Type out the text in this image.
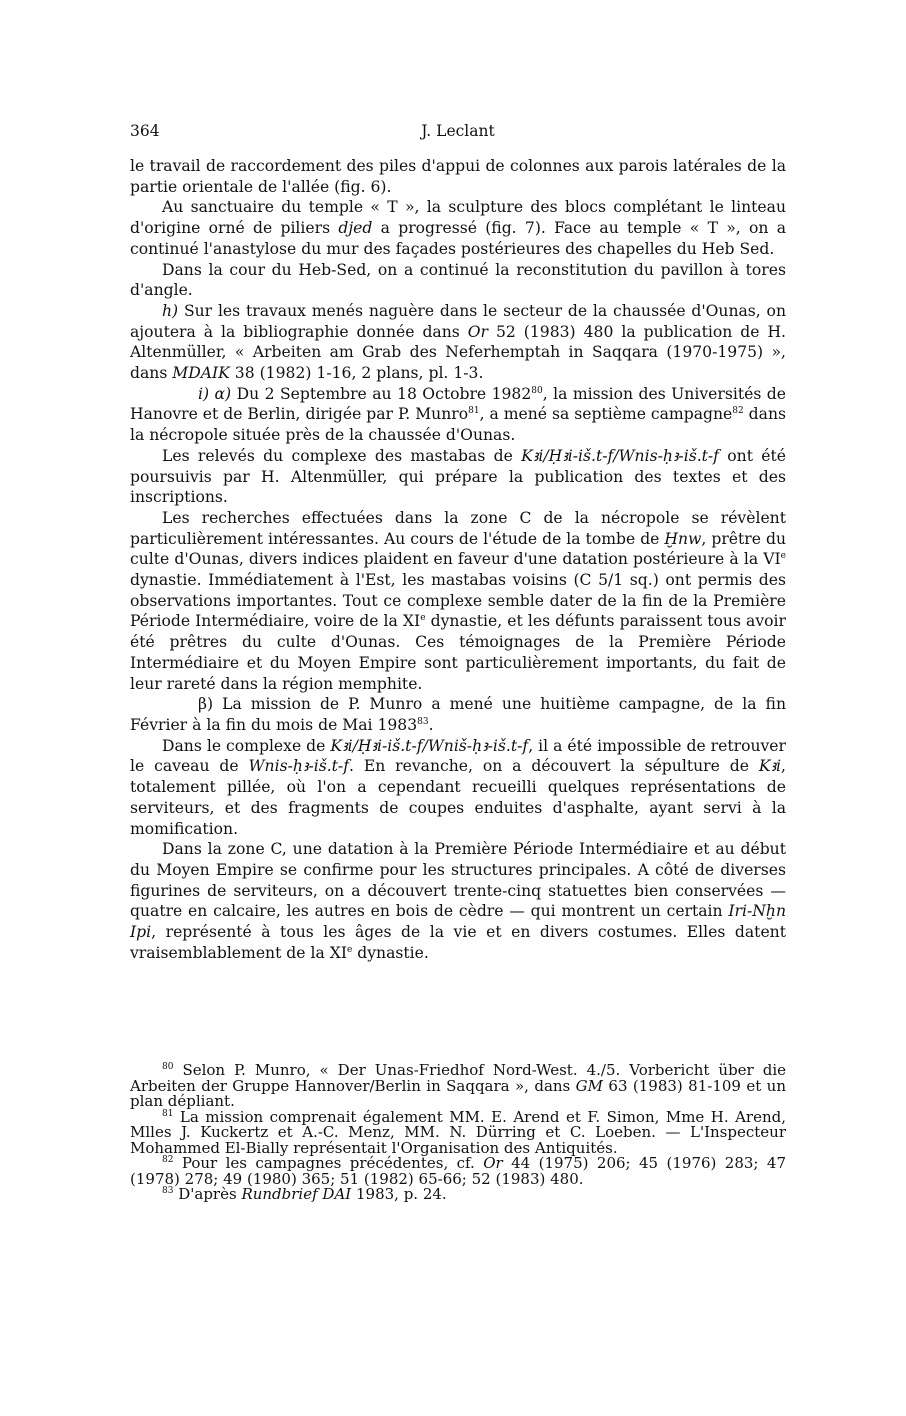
364	J. Leclant

le travail de raccordement des piles d'appui de colonnes aux parois latérales de la partie orientale de l'allée (fig. 6).

Au sanctuaire du temple « T », la sculpture des blocs complétant le linteau d'origine orné de piliers djed a progressé (fig. 7). Face au temple « T », on a continué l'anastylose du mur des façades postérieures des chapelles du Heb Sed.

Dans la cour du Heb-Sed, on a continué la reconstitution du pavillon à tores d'angle.

h) Sur les travaux menés naguère dans le secteur de la chaussée d'Ounas, on ajoutera à la bibliographie donnée dans Or 52 (1983) 480 la publication de H. Altenmüller, « Arbeiten am Grab des Neferhemptah in Saqqara (1970-1975) », dans MDAIK 38 (1982) 1-16, 2 plans, pl. 1-3.

i) α) Du 2 Septembre au 18 Octobre 1982$^{80}$, la mission des Universités de Hanovre et de Berlin, dirigée par P. Munro$^{81}$, a mené sa septième campagne$^{82}$ dans la nécropole située près de la chaussée d'Ounas.

Les relevés du complexe des mastabas de Kꜣi/Ḥꜣi-iš.t-f/Wnis-ḥꜣ-iš.t-f ont été poursuivis par H. Altenmüller, qui prépare la publication des textes et des inscriptions.

Les recherches effectuées dans la zone C de la nécropole se révèlent particulièrement intéressantes. Au cours de l'étude de la tombe de Ḫnw, prêtre du culte d'Ounas, divers indices plaident en faveur d'une datation postérieure à la VIe dynastie. Immédiatement à l'Est, les mastabas voisins (C 5/1 sq.) ont permis des observations importantes. Tout ce complexe semble dater de la fin de la Première Période Intermédiaire, voire de la XIe dynastie, et les défunts paraissent tous avoir été prêtres du culte d'Ounas. Ces témoignages de la Première Période Intermédiaire et du Moyen Empire sont particulièrement importants, du fait de leur rareté dans la région memphite.

β) La mission de P. Munro a mené une huitième campagne, de la fin Février à la fin du mois de Mai 1983$^{83}$.

Dans le complexe de Kꜣi/Ḥꜣi-iš.t-f/Wniš-ḥꜣ-iš.t-f, il a été impossible de retrouver le caveau de Wnis-ḥꜣ-iš.t-f. En revanche, on a découvert la sépulture de Kꜣi, totalement pillée, où l'on a cependant recueilli quelques représentations de serviteurs, et des fragments de coupes enduites d'asphalte, ayant servi à la momification.

Dans la zone C, une datation à la Première Période Intermédiaire et au début du Moyen Empire se confirme pour les structures principales. A côté de diverses figurines de serviteurs, on a découvert trente-cinq statuettes bien conservées — quatre en calcaire, les autres en bois de cèdre — qui montrent un certain Iri-Nḫn Ipi, représenté à tous les âges de la vie et en divers costumes. Elles datent vraisemblablement de la XIe dynastie.

$^{80}$ Selon P. Munro, « Der Unas-Friedhof Nord-West. 4./5. Vorbericht über die Arbeiten der Gruppe Hannover/Berlin in Saqqara », dans GM 63 (1983) 81-109 et un plan dépliant.

$^{81}$ La mission comprenait également MM. E. Arend et F. Simon, Mme H. Arend, Mlles J. Kuckertz et A.-C. Menz, MM. N. Dürring et C. Loeben. — L'Inspecteur Mohammed El-Bially représentait l'Organisation des Antiquités.

$^{82}$ Pour les campagnes précédentes, cf. Or 44 (1975) 206; 45 (1976) 283; 47 (1978) 278; 49 (1980) 365; 51 (1982) 65-66; 52 (1983) 480.

$^{83}$ D'après Rundbrief DAI 1983, p. 24.
